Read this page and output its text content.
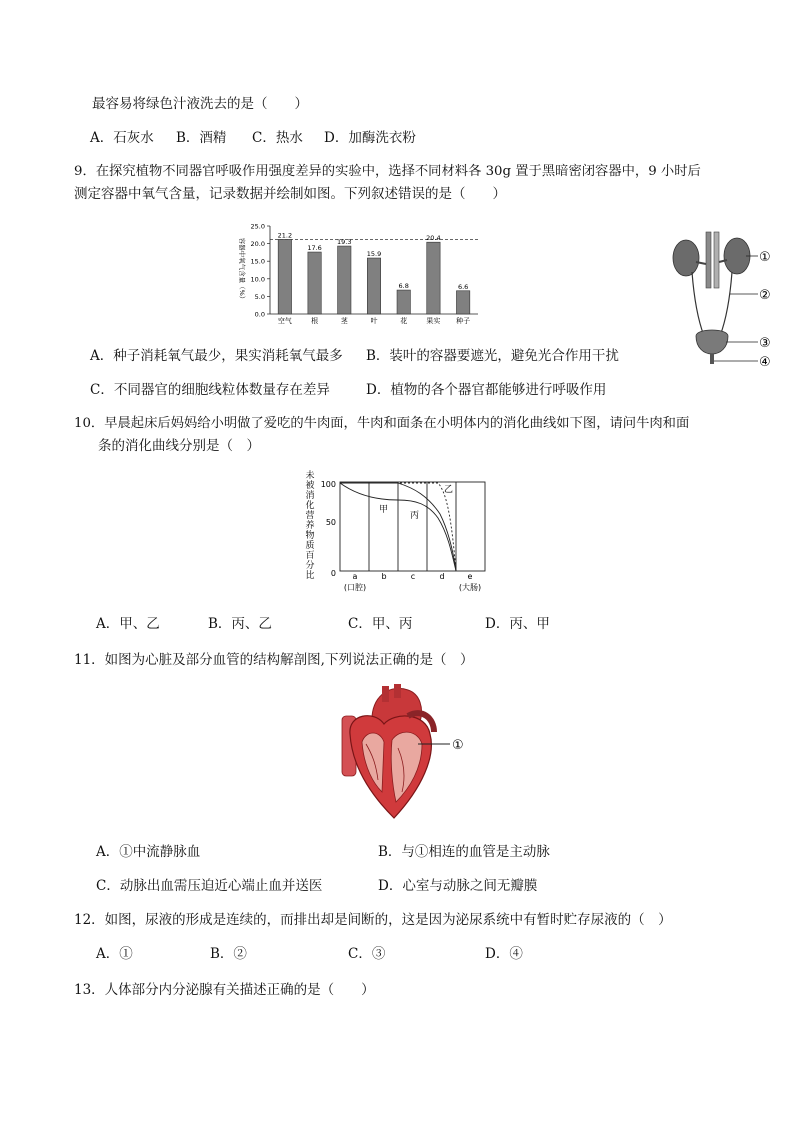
最容易将绿色汁液洗去的是（　　）
A．石灰水 B．酒精 C．热水 D．加酶洗衣粉
9．在探究植物不同器官呼吸作用强度差异的实验中，选择不同材料各 30g 置于黑暗密闭容器中，9 小时后
测定容器中氧气含量，记录数据并绘制如图。下列叙述错误的是（　　）
0.0
5.0
10.0
15.0
20.0
25.0
容器中氧气含量（%）
21.2
空气
17.6
根
19.3
茎
15.9
叶
6.8
花
20.4
果实
6.6
种子
①
②
③
④
A．种子消耗氧气最少，果实消耗氧气最多 B．装叶的容器要遮光，避免光合作用干扰
C．不同器官的细胞线粒体数量存在差异	D．植物的各个器官都能够进行呼吸作用
10．早晨起床后妈妈给小明做了爱吃的牛肉面，牛肉和面条在小明体内的消化曲线如下图，请问牛肉和面
条的消化曲线分别是（　）
未
被
消
化
营
养
物
质
百
分
比
100
50
0
甲
丙
乙
a	b	c	d	e
(口腔)	(大肠)
A．甲、乙	B．丙、乙	C．甲、丙	D．丙、甲
11．如图为心脏及部分血管的结构解剖图,下列说法正确的是（　）
①
A．①中流静脉血	B．与①相连的血管是主动脉
C．动脉出血需压迫近心端止血并送医	D．心室与动脉之间无瓣膜
12．如图，尿液的形成是连续的，而排出却是间断的，这是因为泌尿系统中有暂时贮存尿液的（　）
A．①	B．②	C．③	D．④
13．人体部分内分泌腺有关描述正确的是（　　）
